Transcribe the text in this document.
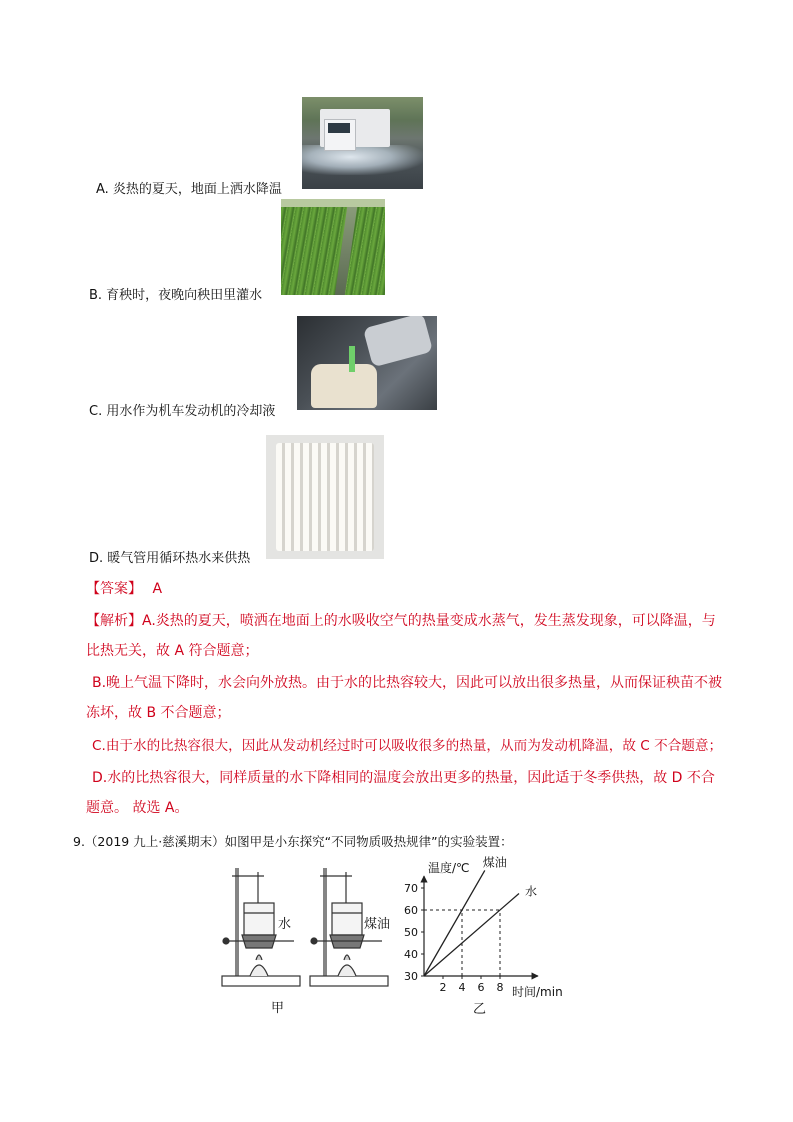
A. 炎热的夏天，地面上洒水降温
B. 育秧时，夜晚向秧田里灌水
C. 用水作为机车发动机的冷却液
D. 暖气管用循环热水来供热
【答案】 A
【解析】A.炎热的夏天，喷洒在地面上的水吸收空气的热量变成水蒸气，发生蒸发现象，可以降温，与比热无关，故 A 符合题意；
B.晚上气温下降时，水会向外放热。由于水的比热容较大，因此可以放出很多热量，从而保证秧苗不被冻坏，故 B 不合题意；
C.由于水的比热容很大，因此从发动机经过时可以吸收很多的热量，从而为发动机降温，故 C 不合题意；
D.水的比热容很大，同样质量的水下降相同的温度会放出更多的热量，因此适于冬季供热，故 D 不合题意。 故选 A。
9.（2019 九上·慈溪期末）如图甲是小东探究“不同物质吸热规律”的实验装置：
水	煤油
甲
30
40
50
60
70
2 4 6 8
煤油
水
温度/℃
时间/min
乙
